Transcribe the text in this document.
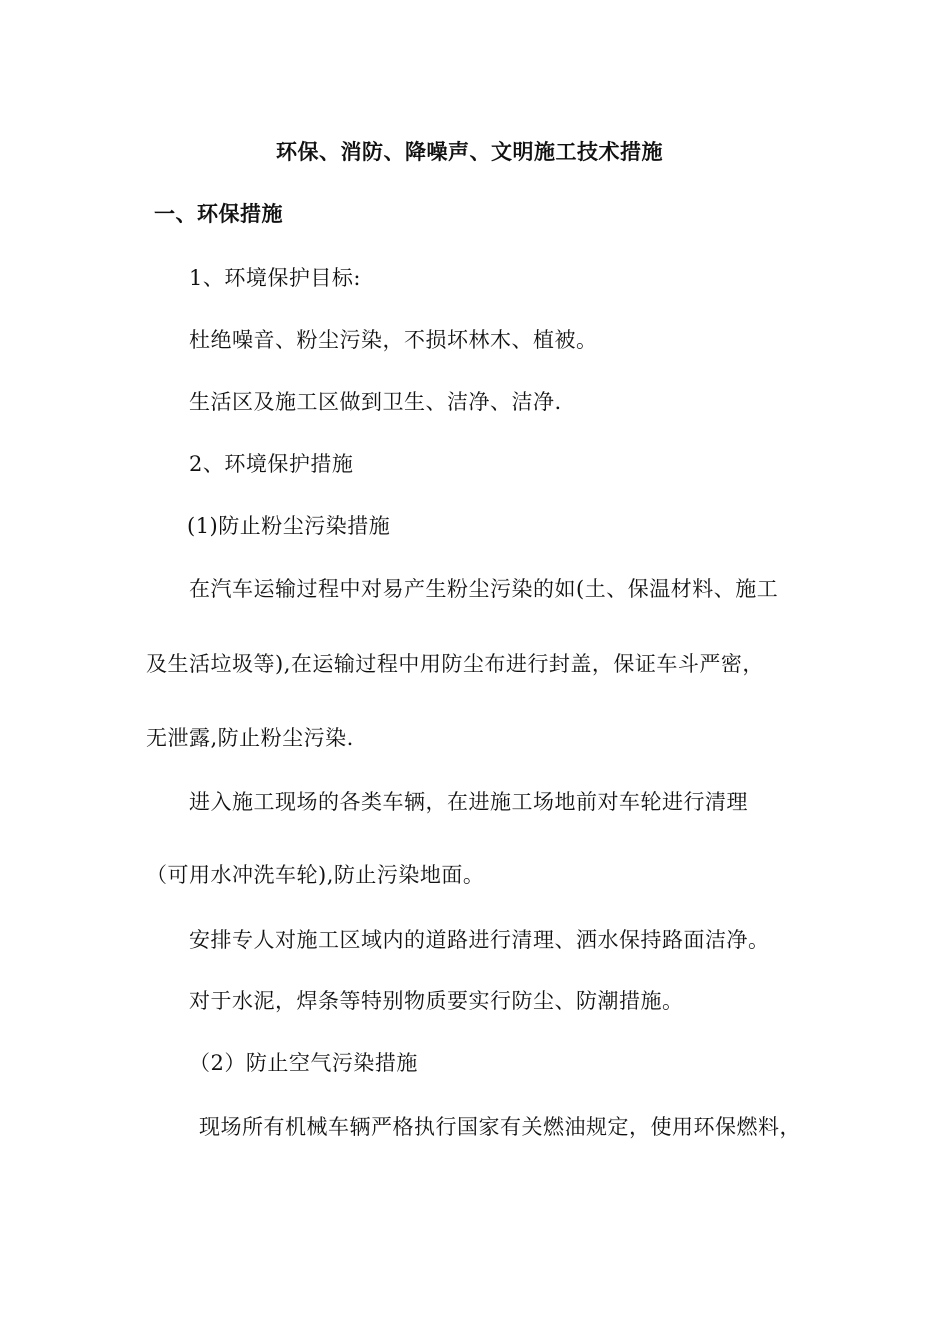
环保、消防、降噪声、文明施工技术措施
一、环保措施
1、环境保护目标:
杜绝噪音、粉尘污染，不损坏林木、植被。
生活区及施工区做到卫生、洁净、洁净.
2、环境保护措施
(1)防止粉尘污染措施
在汽车运输过程中对易产生粉尘污染的如(土、保温材料、施工
及生活垃圾等),在运输过程中用防尘布进行封盖，保证车斗严密，
无泄露,防止粉尘污染.
进入施工现场的各类车辆，在进施工场地前对车轮进行清理
（可用水冲洗车轮),防止污染地面。
安排专人对施工区域内的道路进行清理、洒水保持路面洁净。
对于水泥，焊条等特别物质要实行防尘、防潮措施。
（2）防止空气污染措施
现场所有机械车辆严格执行国家有关燃油规定，使用环保燃料，
